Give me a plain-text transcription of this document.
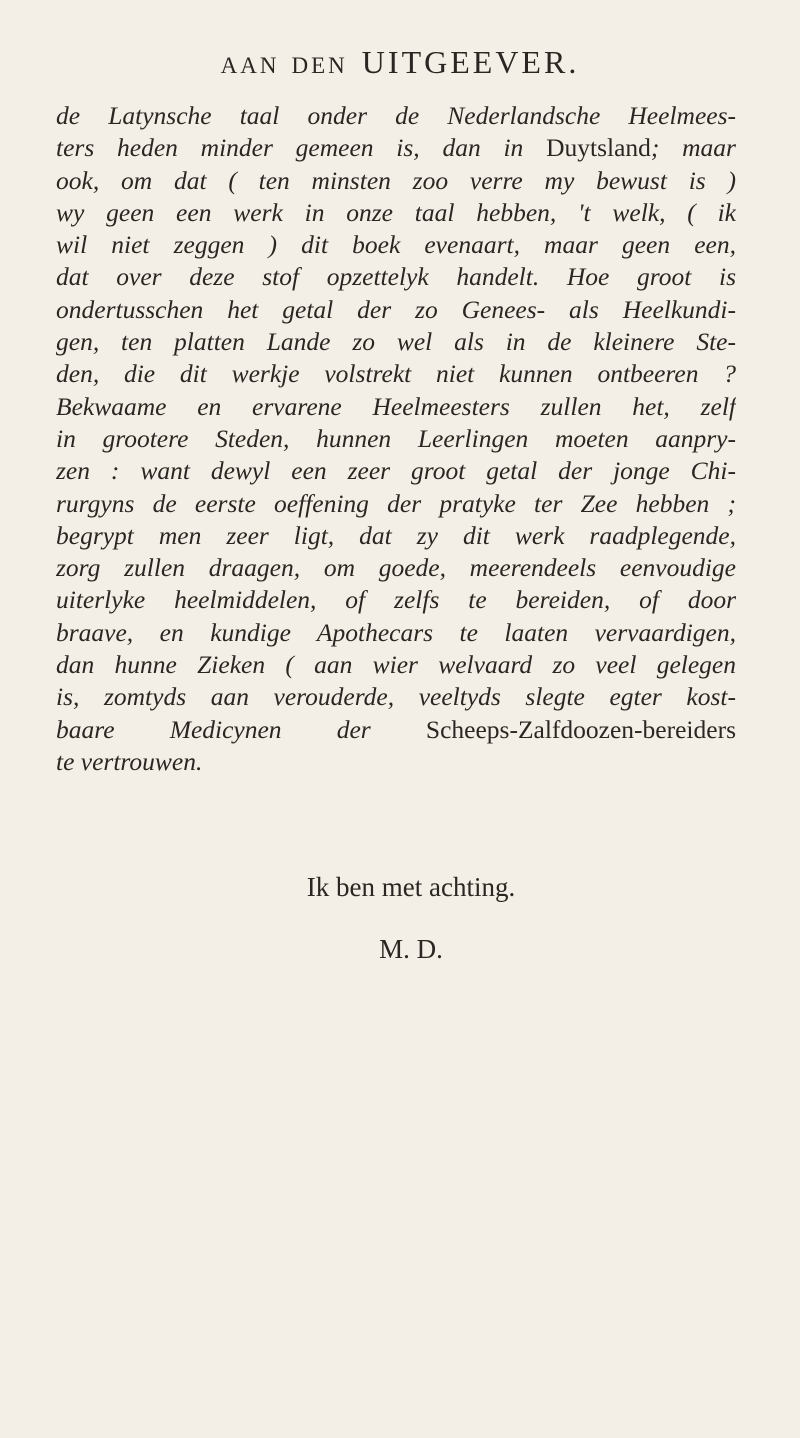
AAN DEN UITGEEVER.
de Latynsche taal onder de Nederlandsche Heelmees-
ters heden minder gemeen is, dan in Duytsland; maar
ook, om dat ( ten minsten zoo verre my bewust is )
wy geen een werk in onze taal hebben, 't welk, ( ik
wil niet zeggen ) dit boek evenaart, maar geen een,
dat over deze stof opzettelyk handelt. Hoe groot is
ondertusschen het getal der zo Genees- als Heelkundi-
gen, ten platten Lande zo wel als in de kleinere Ste-
den, die dit werkje volstrekt niet kunnen ontbeeren ?
Bekwaame en ervarene Heelmeesters zullen het, zelf
in grootere Steden, hunnen Leerlingen moeten aanpry-
zen : want dewyl een zeer groot getal der jonge Chi-
rurgyns de eerste oeffening der pratyke ter Zee hebben ;
begrypt men zeer ligt, dat zy dit werk raadplegende,
zorg zullen draagen, om goede, meerendeels eenvoudige
uiterlyke heelmiddelen, of zelfs te bereiden, of door
braave, en kundige Apothecars te laaten vervaardigen,
dan hunne Zieken ( aan wier welvaard zo veel gelegen
is, zomtyds aan verouderde, veeltyds slegte egter kost-
baare Medicynen der Scheeps-Zalfdoozen-bereiders
te vertrouwen.
Ik ben met achting.
M. D.
